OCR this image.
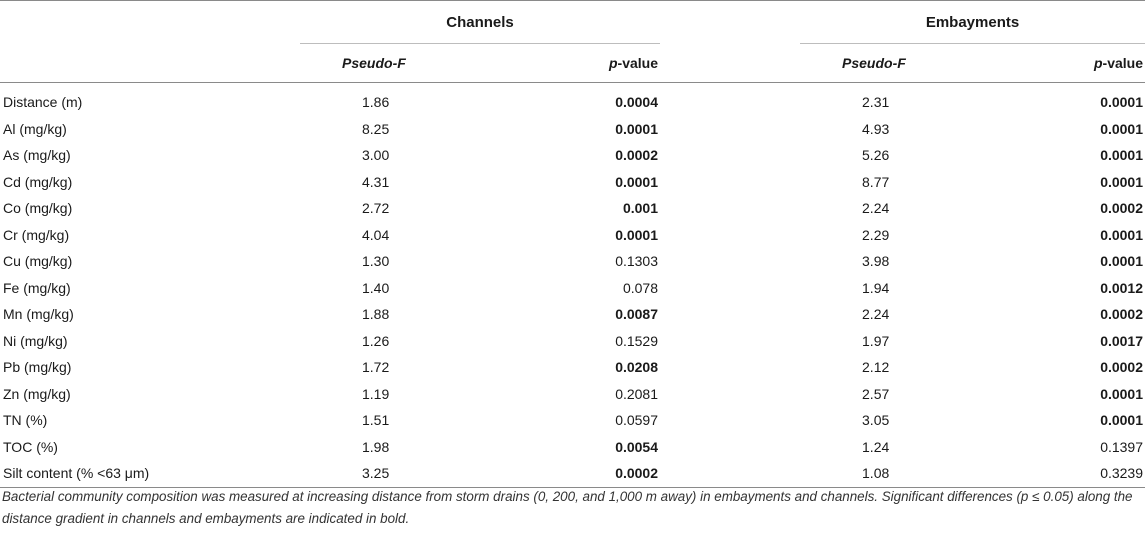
	Channels			Embayments	
	Pseudo-F	p-value		Pseudo-F	p-value
Distance (m)	1.86	0.0004		2.31	0.0001
Al (mg/kg)	8.25	0.0001		4.93	0.0001
As (mg/kg)	3.00	0.0002		5.26	0.0001
Cd (mg/kg)	4.31	0.0001		8.77	0.0001
Co (mg/kg)	2.72	0.001		2.24	0.0002
Cr (mg/kg)	4.04	0.0001		2.29	0.0001
Cu (mg/kg)	1.30	0.1303		3.98	0.0001
Fe (mg/kg)	1.40	0.078		1.94	0.0012
Mn (mg/kg)	1.88	0.0087		2.24	0.0002
Ni (mg/kg)	1.26	0.1529		1.97	0.0017
Pb (mg/kg)	1.72	0.0208		2.12	0.0002
Zn (mg/kg)	1.19	0.2081		2.57	0.0001
TN (%)	1.51	0.0597		3.05	0.0001
TOC (%)	1.98	0.0054		1.24	0.1397
Silt content (% <63 μm)	3.25	0.0002		1.08	0.3239
Bacterial community composition was measured at increasing distance from storm drains (0, 200, and 1,000 m away) in embayments and channels. Significant differences (p ≤ 0.05) along the distance gradient in channels and embayments are indicated in bold.
